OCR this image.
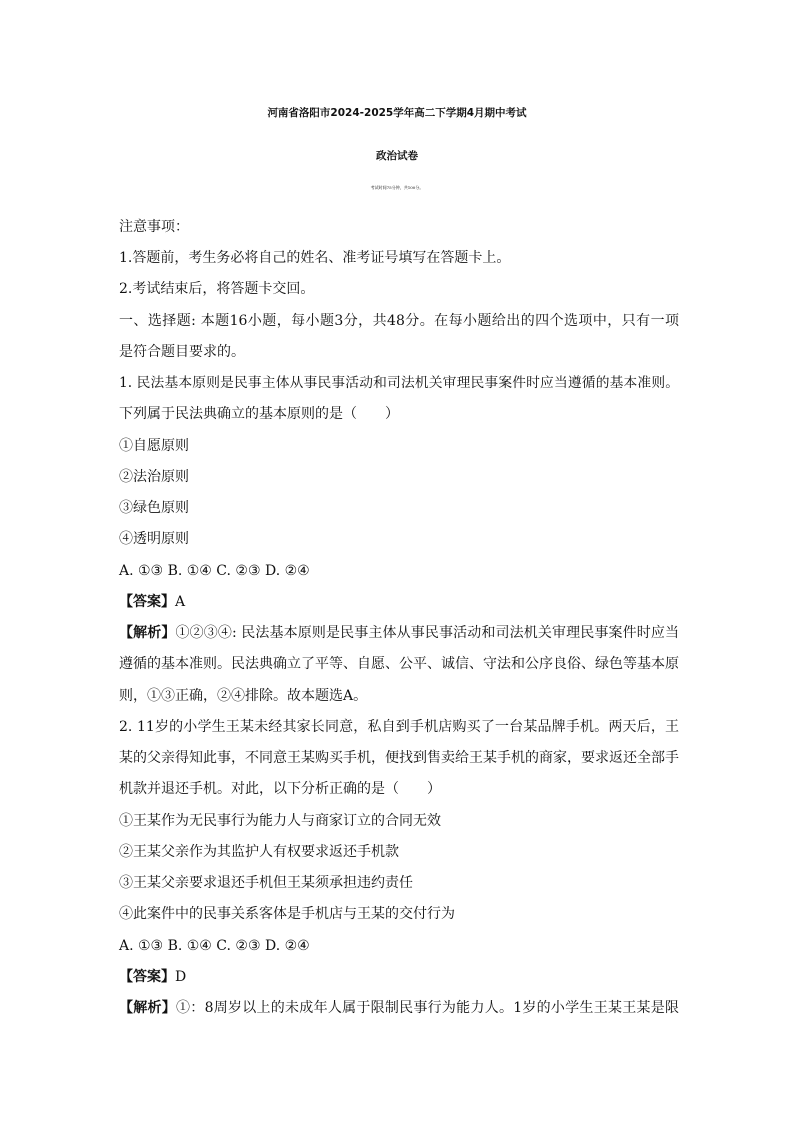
河南省洛阳市2024-2025学年高二下学期4月期中考试
政治试卷
考试时间75分钟，共100分。
注意事项：
1.答题前，考生务必将自己的姓名、准考证号填写在答题卡上。
2.考试结束后，将答题卡交回。
一、选择题: 本题16小题，每小题3分，共48分。在每小题给出的四个选项中，只有一项
是符合题目要求的。
1. 民法基本原则是民事主体从事民事活动和司法机关审理民事案件时应当遵循的基本准则。
下列属于民法典确立的基本原则的是（　　）
①自愿原则
②法治原则
③绿色原则
④透明原则
A. ①③ B. ①④ C. ②③ D. ②④
【答案】A
【解析】①②③④: 民法基本原则是民事主体从事民事活动和司法机关审理民事案件时应当
遵循的基本准则。民法典确立了平等、自愿、公平、诚信、守法和公序良俗、绿色等基本原
则，①③正确，②④排除。故本题选A。
2. 11岁的小学生王某未经其家长同意，私自到手机店购买了一台某品牌手机。两天后，王
某的父亲得知此事，不同意王某购买手机，便找到售卖给王某手机的商家，要求返还全部手
机款并退还手机。对此，以下分析正确的是（　　）
①王某作为无民事行为能力人与商家订立的合同无效
②王某父亲作为其监护人有权要求返还手机款
③王某父亲要求退还手机但王某须承担违约责任
④此案件中的民事关系客体是手机店与王某的交付行为
A. ①③ B. ①④ C. ②③ D. ②④
【答案】D
【解析】①：8周岁以上的未成年人属于限制民事行为能力人。1岁的小学生王某王某是限
